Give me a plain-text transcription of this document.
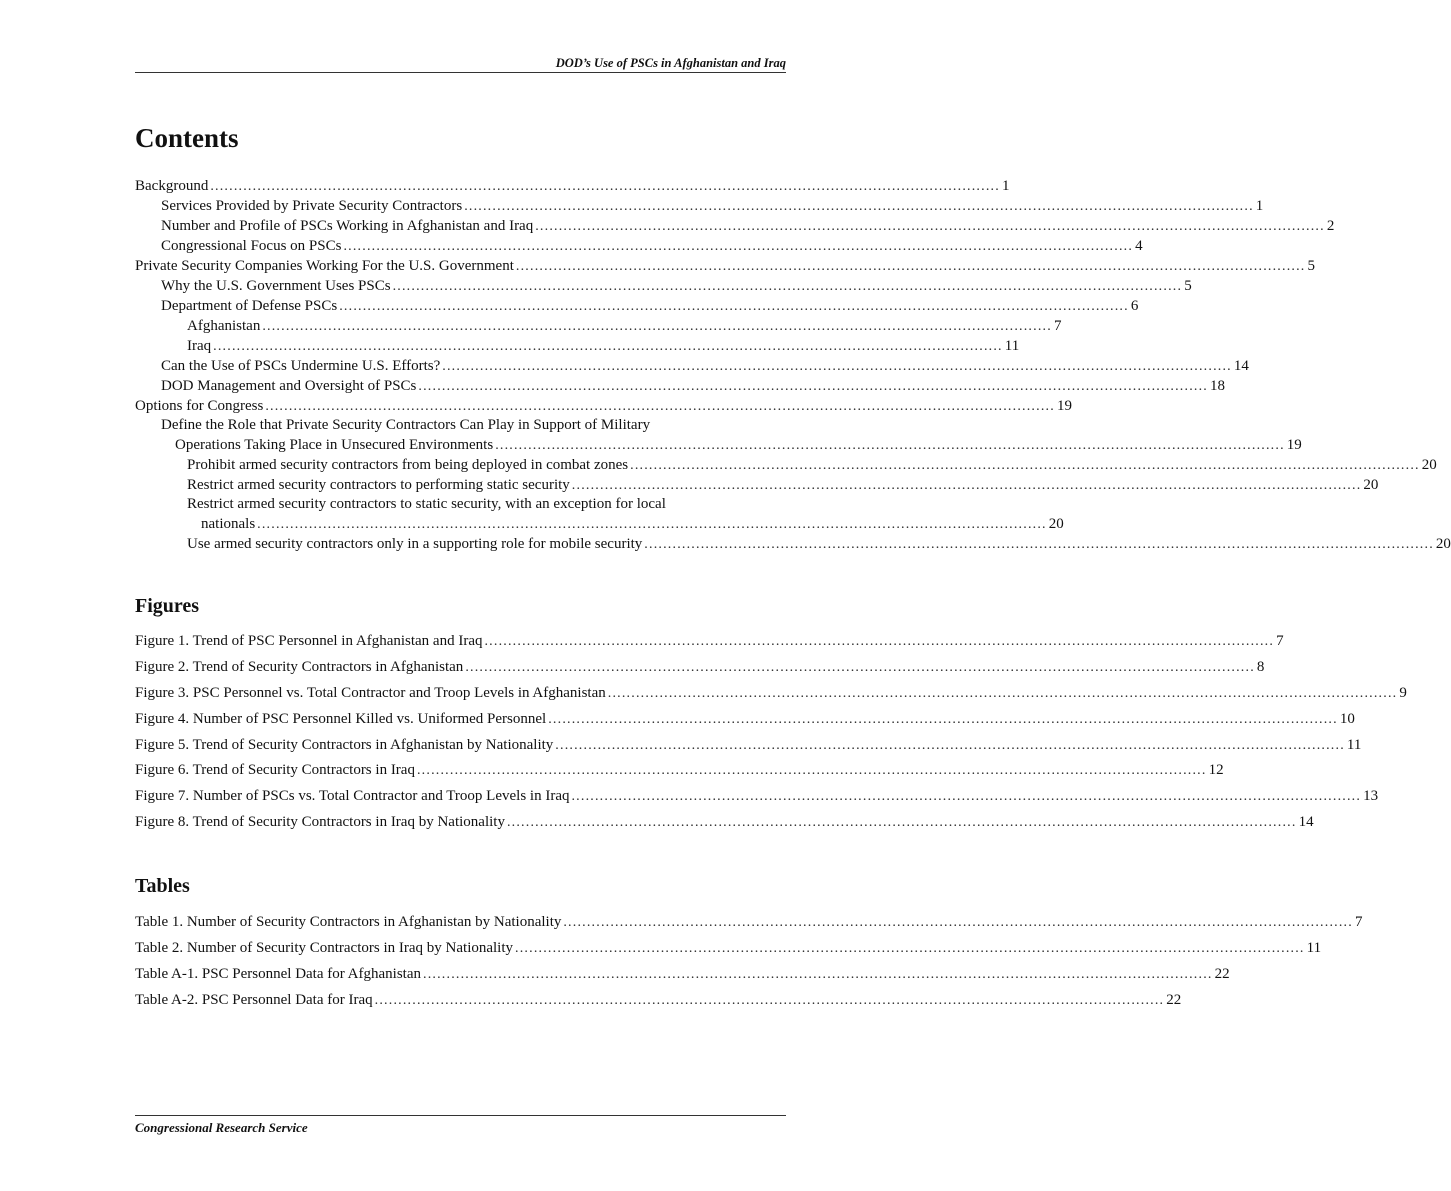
DOD’s Use of PSCs in Afghanistan and Iraq
Contents
Background ........................................................................................................................................................................ 1
Services Provided by Private Security Contractors ........................................................................................................................................................................ 1
Number and Profile of PSCs Working in Afghanistan and Iraq ........................................................................................................................................................................ 2
Congressional Focus on PSCs ........................................................................................................................................................................ 4
Private Security Companies Working For the U.S. Government ........................................................................................................................................................................ 5
Why the U.S. Government Uses PSCs ........................................................................................................................................................................ 5
Department of Defense PSCs ........................................................................................................................................................................ 6
Afghanistan ........................................................................................................................................................................ 7
Iraq ........................................................................................................................................................................ 11
Can the Use of PSCs Undermine U.S. Efforts? ........................................................................................................................................................................ 14
DOD Management and Oversight of PSCs ........................................................................................................................................................................ 18
Options for Congress ........................................................................................................................................................................ 19
Define the Role that Private Security Contractors Can Play in Support of Military
Operations Taking Place in Unsecured Environments ........................................................................................................................................................................ 19
Prohibit armed security contractors from being deployed in combat zones ........................................................................................................................................................................ 20
Restrict armed security contractors to performing static security ........................................................................................................................................................................ 20
Restrict armed security contractors to static security, with an exception for local
nationals ........................................................................................................................................................................ 20
Use armed security contractors only in a supporting role for mobile security ........................................................................................................................................................................ 20
Figures
Figure 1. Trend of PSC Personnel in Afghanistan and Iraq ........................................................................................................................................................................ 7
Figure 2. Trend of Security Contractors in Afghanistan ........................................................................................................................................................................ 8
Figure 3. PSC Personnel vs. Total Contractor and Troop Levels in Afghanistan ........................................................................................................................................................................ 9
Figure 4. Number of PSC Personnel Killed vs. Uniformed Personnel ........................................................................................................................................................................ 10
Figure 5. Trend of Security Contractors in Afghanistan by Nationality ........................................................................................................................................................................ 11
Figure 6. Trend of Security Contractors in Iraq ........................................................................................................................................................................ 12
Figure 7. Number of PSCs vs. Total Contractor and Troop Levels in Iraq ........................................................................................................................................................................ 13
Figure 8. Trend of Security Contractors in Iraq by Nationality ........................................................................................................................................................................ 14
Tables
Table 1. Number of Security Contractors in Afghanistan by Nationality ........................................................................................................................................................................ 7
Table 2. Number of Security Contractors in Iraq by Nationality ........................................................................................................................................................................ 11
Table A-1. PSC Personnel Data for Afghanistan ........................................................................................................................................................................ 22
Table A-2. PSC Personnel Data for Iraq ........................................................................................................................................................................ 22
Congressional Research Service
